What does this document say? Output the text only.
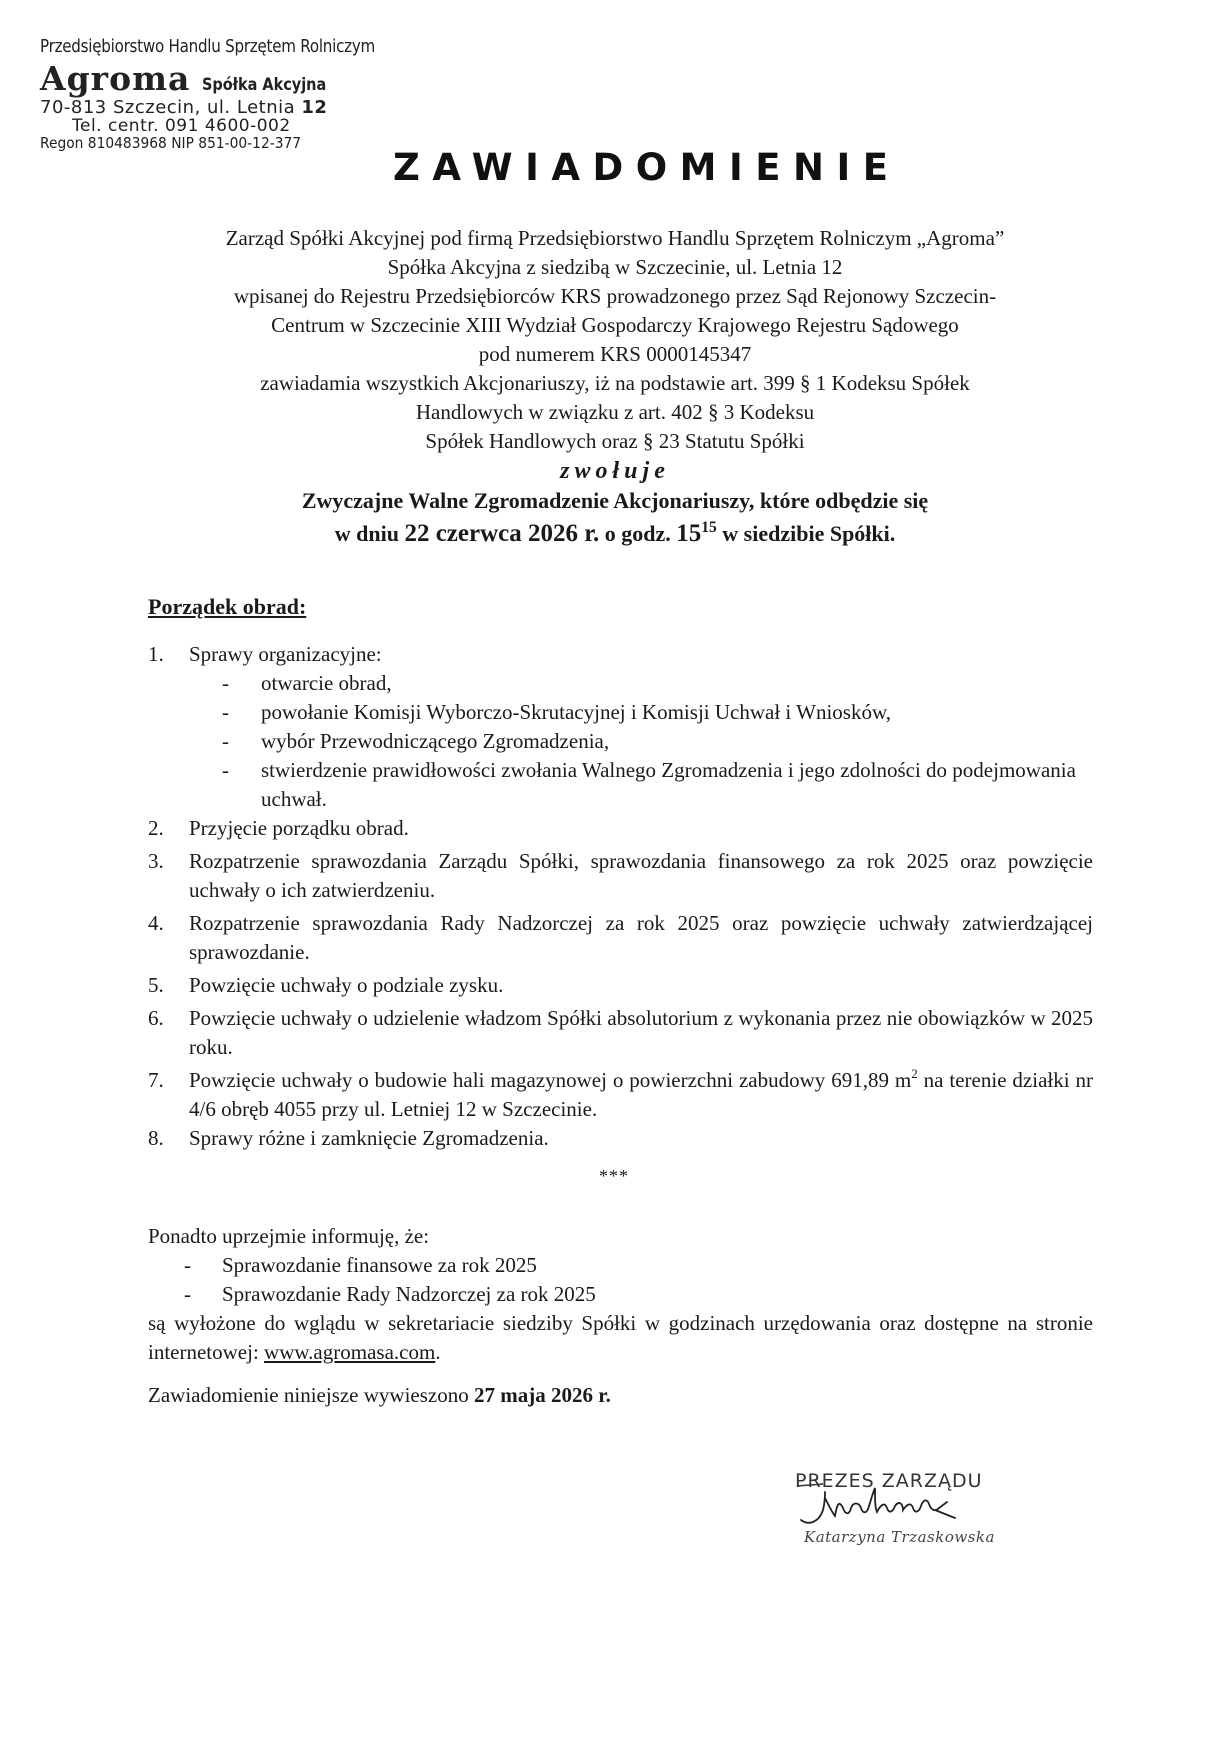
Przedsiębiorstwo Handlu Sprzętem Rolniczym
Agroma Spółka Akcyjna
70-813 Szczecin, ul. Letnia 12
Tel. centr. 091 4600-002
Regon 810483968 NIP 851-00-12-377
ZAWIADOMIENIE

Zarząd Spółki Akcyjnej pod firmą Przedsiębiorstwo Handlu Sprzętem Rolniczym „Agroma”

Spółka Akcyjna z siedzibą w Szczecinie, ul. Letnia 12

wpisanej do Rejestru Przedsiębiorców KRS prowadzonego przez Sąd Rejonowy Szczecin-

Centrum w Szczecinie XIII Wydział Gospodarczy Krajowego Rejestru Sądowego

pod numerem KRS 0000145347

zawiadamia wszystkich Akcjonariuszy, iż na podstawie art. 399 § 1 Kodeksu Spółek

Handlowych w związku z art. 402 § 3 Kodeksu

Spółek Handlowych oraz § 23 Statutu Spółki

zwołuje

Zwyczajne Walne Zgromadzenie Akcjonariuszy, które odbędzie się

w dniu 22 czerwca 2026 r. o godz. $15^{15}$ w siedzibie Spółki.

Porządek obrad:
1. Sprawy organizacyjne:
- otwarcie obrad,
- powołanie Komisji Wyborczo-Skrutacyjnej i Komisji Uchwał i Wniosków,
- wybór Przewodniczącego Zgromadzenia,
- stwierdzenie prawidłowości zwołania Walnego Zgromadzenia i jego zdolności do podejmowania uchwał.
2. Przyjęcie porządku obrad.
3. Rozpatrzenie sprawozdania Zarządu Spółki, sprawozdania finansowego za rok 2025 oraz powzięcie uchwały o ich zatwierdzeniu.
4. Rozpatrzenie sprawozdania Rady Nadzorczej za rok 2025 oraz powzięcie uchwały zatwierdzającej sprawozdanie.
5. Powzięcie uchwały o podziale zysku.
6. Powzięcie uchwały o udzielenie władzom Spółki absolutorium z wykonania przez nie obowiązków w 2025 roku.
7. Powzięcie uchwały o budowie hali magazynowej o powierzchni zabudowy 691,89 $m^2$ na terenie działki nr 4/6 obręb 4055 przy ul. Letniej 12 w Szczecinie.
8. Sprawy różne i zamknięcie Zgromadzenia.
***

Ponadto uprzejmie informuję, że:

- Sprawozdanie finansowe za rok 2025
- Sprawozdanie Rady Nadzorczej za rok 2025

są wyłożone do wglądu w sekretariacie siedziby Spółki w godzinach urzędowania oraz dostępne na stronie internetowej: www.agromasa.com.

Zawiadomienie niniejsze wywieszono 27 maja 2026 r.
PREZES ZARZĄDU
Katarzyna Trzaskowska
